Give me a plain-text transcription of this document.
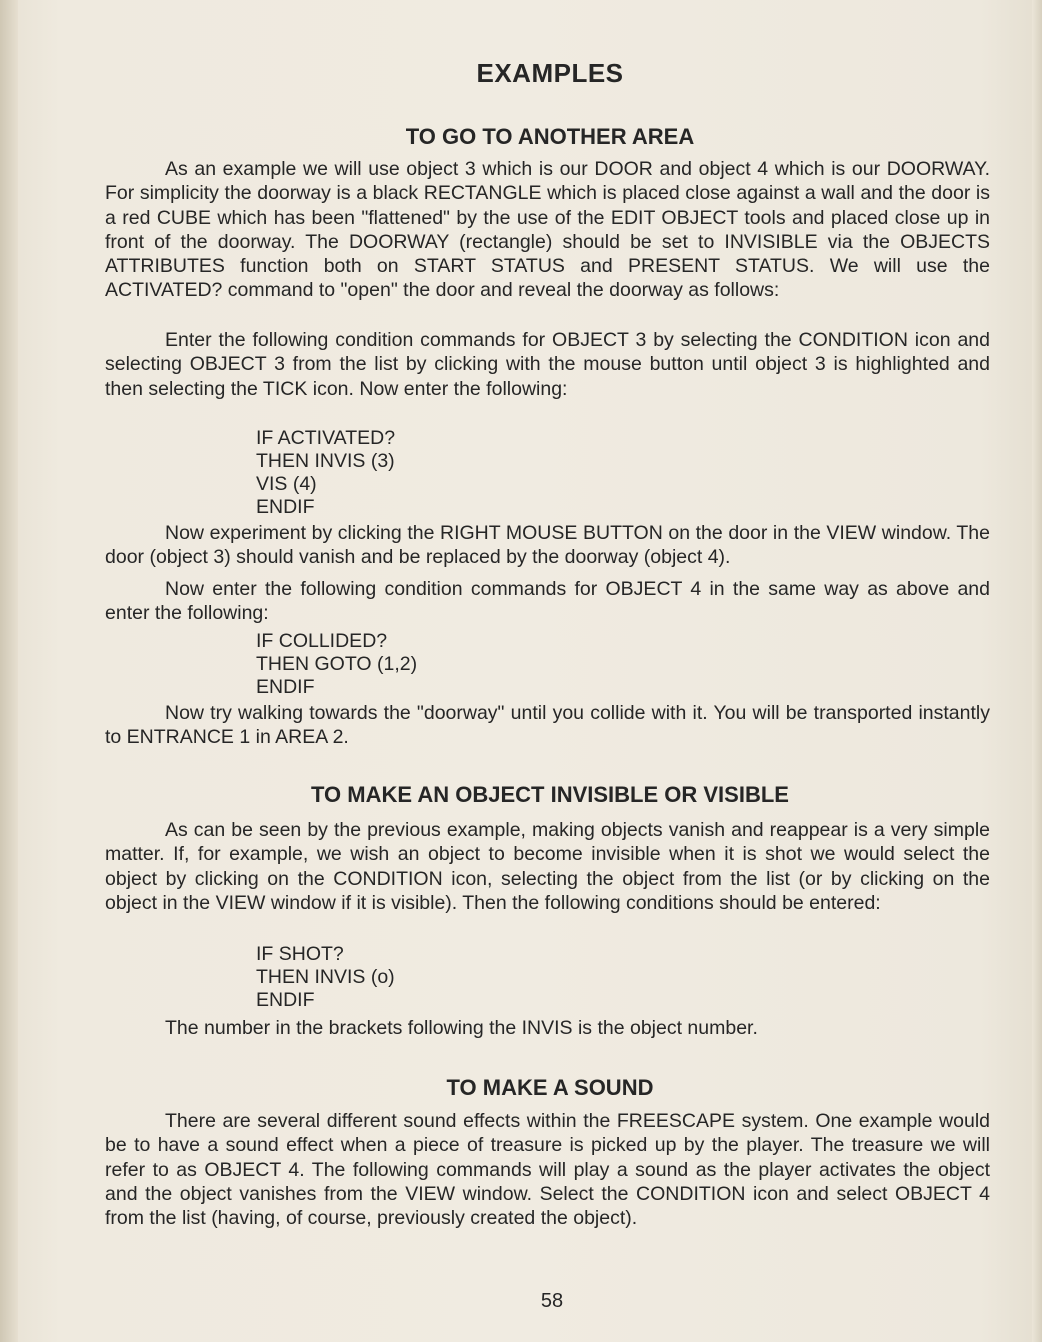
EXAMPLES
TO GO TO ANOTHER AREA

As an example we will use object 3 which is our DOOR and object 4 which is our DOORWAY. For simplicity the doorway is a black RECTANGLE which is placed close against a wall and the door is a red CUBE which has been "flattened" by the use of the EDIT OBJECT tools and placed close up in front of the doorway. The DOORWAY (rectangle) should be set to INVISIBLE via the OBJECTS ATTRIBUTES function both on START STATUS and PRESENT STATUS. We will use the ACTIVATED? command to "open" the door and reveal the doorway as follows:

Enter the following condition commands for OBJECT 3 by selecting the CONDITION icon and selecting OBJECT 3 from the list by clicking with the mouse button until object 3 is highlighted and then selecting the TICK icon. Now enter the following:

IF ACTIVATED?
THEN INVIS (3)
VIS (4)
ENDIF

Now experiment by clicking the RIGHT MOUSE BUTTON on the door in the VIEW window. The door (object 3) should vanish and be replaced by the doorway (object 4).

Now enter the following condition commands for OBJECT 4 in the same way as above and enter the following:

IF COLLIDED?
THEN GOTO (1,2)
ENDIF

Now try walking towards the "doorway" until you collide with it. You will be transported instantly to ENTRANCE 1 in AREA 2.

TO MAKE AN OBJECT INVISIBLE OR VISIBLE

As can be seen by the previous example, making objects vanish and reappear is a very simple matter. If, for example, we wish an object to become invisible when it is shot we would select the object by clicking on the CONDITION icon, selecting the object from the list (or by clicking on the object in the VIEW window if it is visible). Then the following conditions should be entered:

IF SHOT?
THEN INVIS (o)
ENDIF

The number in the brackets following the INVIS is the object number.

TO MAKE A SOUND

There are several different sound effects within the FREESCAPE system. One example would be to have a sound effect when a piece of treasure is picked up by the player. The treasure we will refer to as OBJECT 4. The following commands will play a sound as the player activates the object and the object vanishes from the VIEW window. Select the CONDITION icon and select OBJECT 4 from the list (having, of course, previously created the object).

58
